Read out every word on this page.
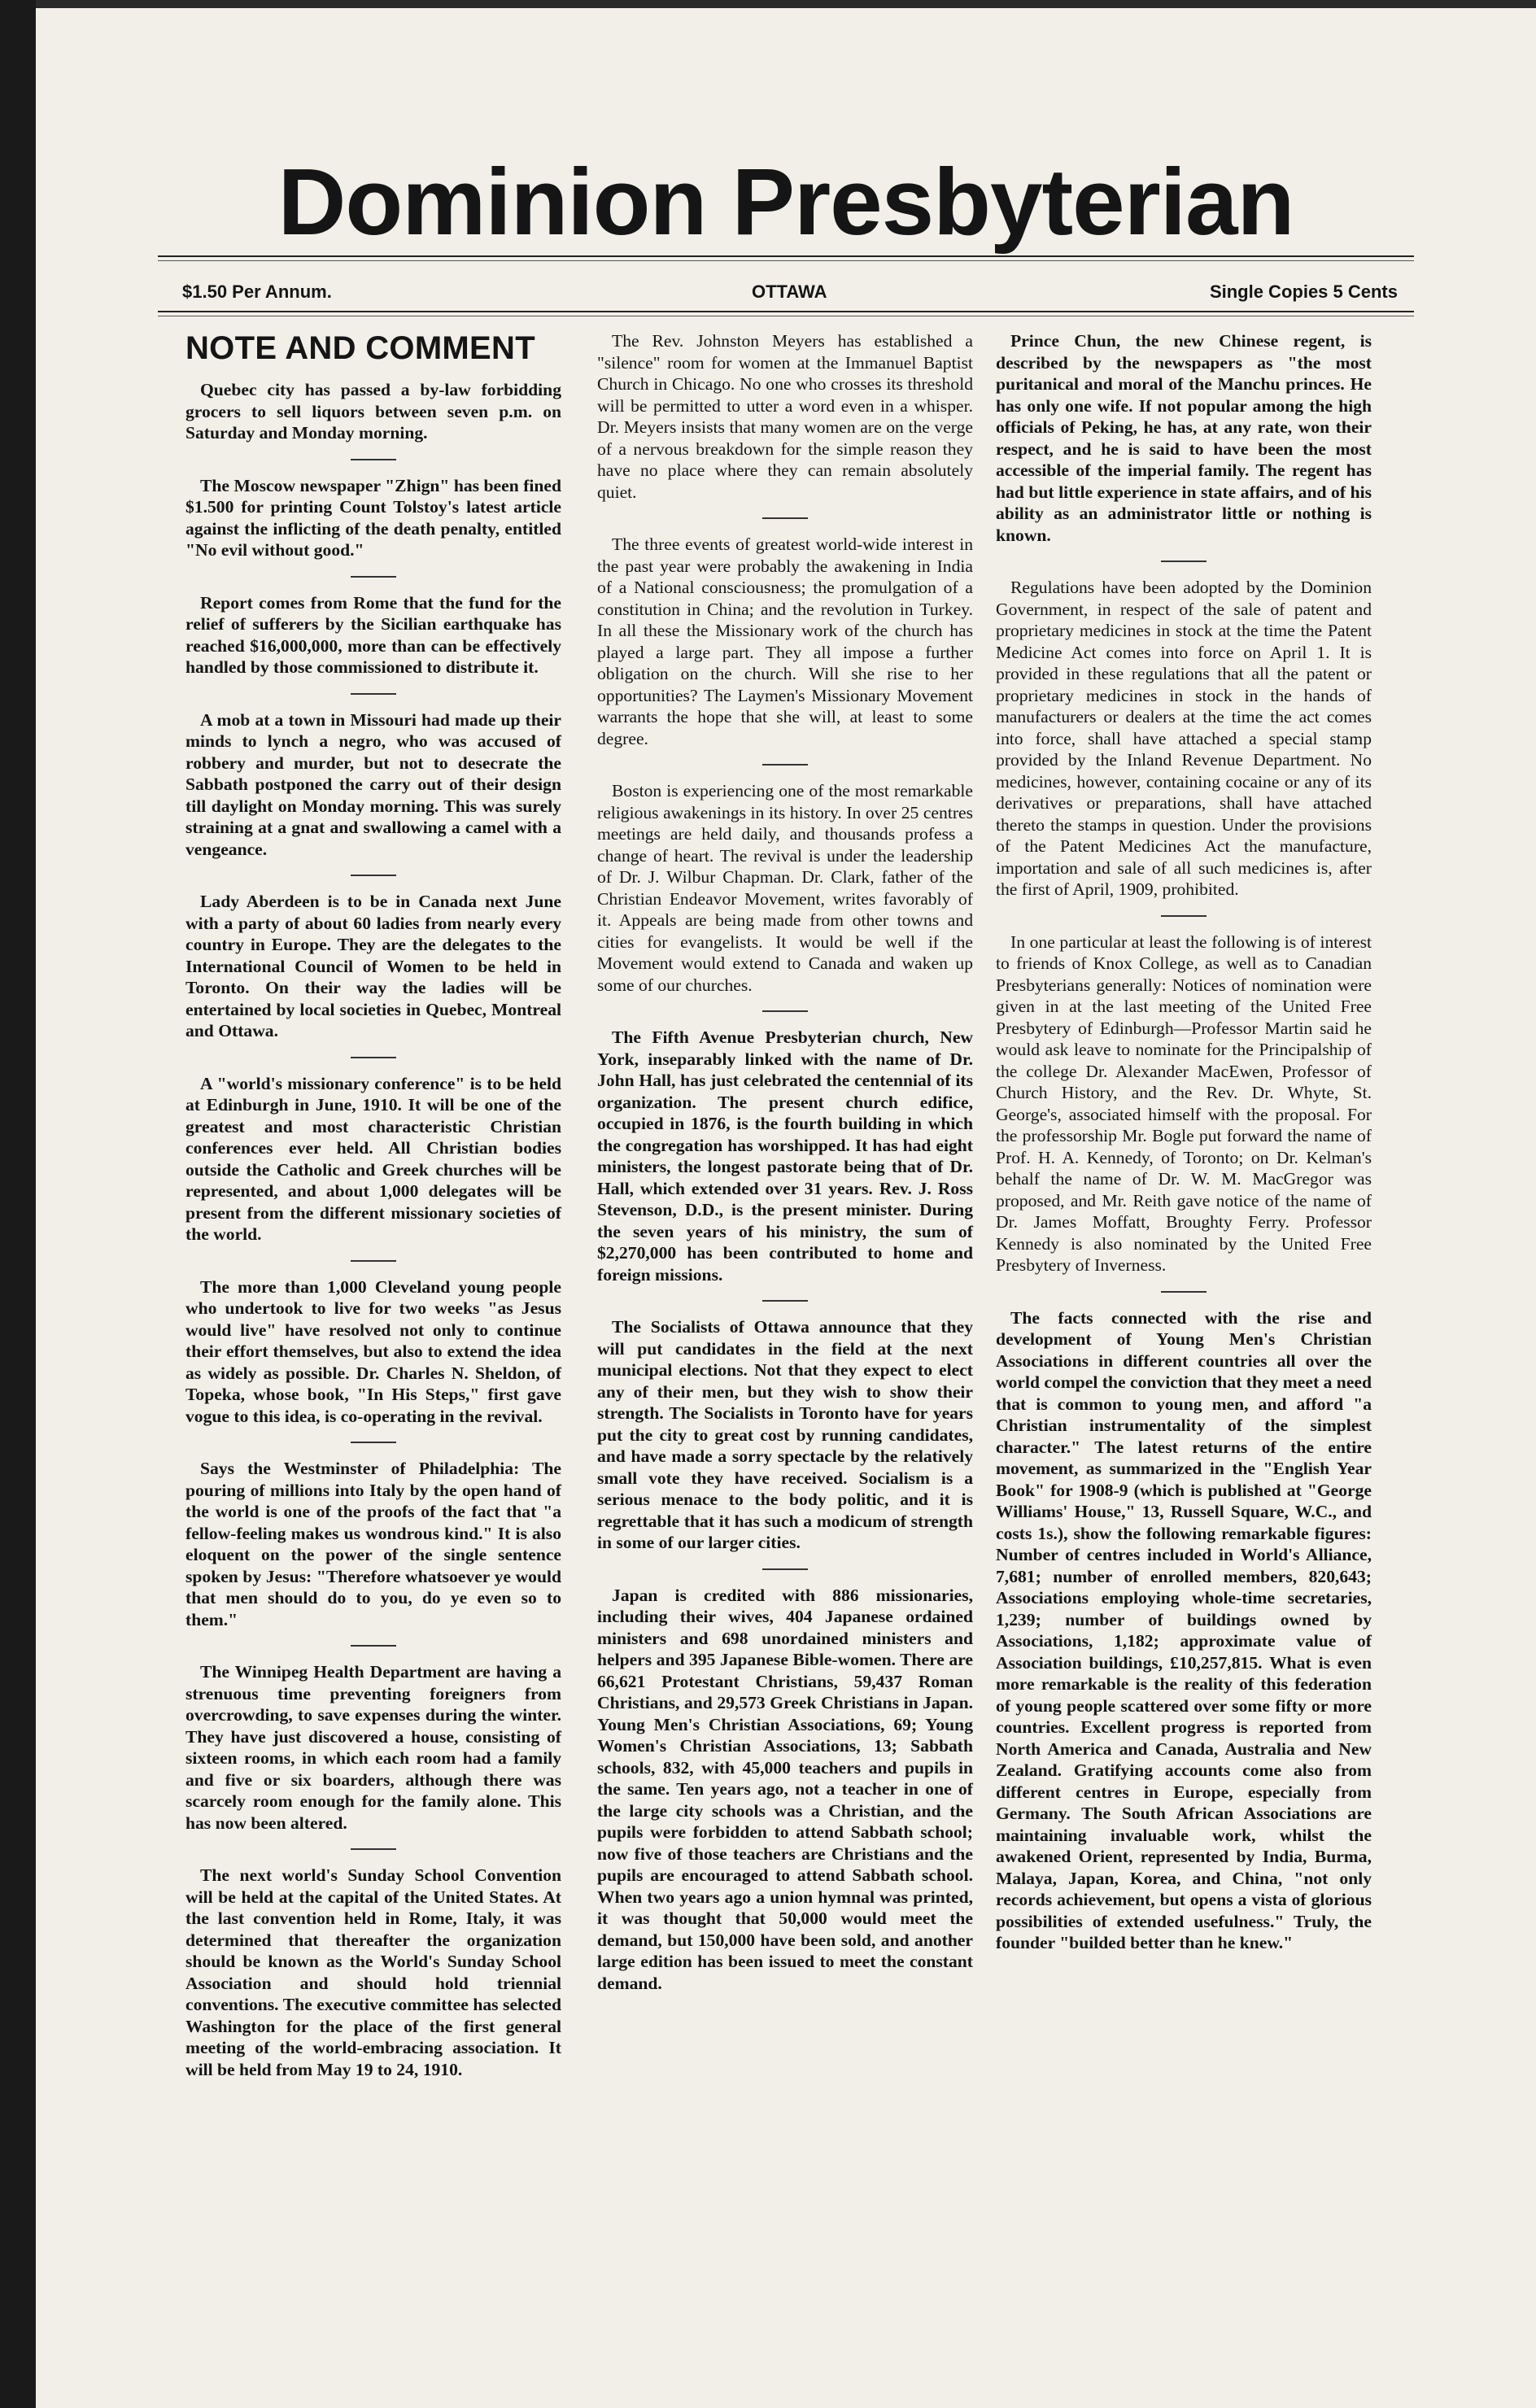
Dominion Presbyterian
$1.50 Per Annum.	OTTAWA	Single Copies 5 Cents
NOTE AND COMMENT

Quebec city has passed a by-law forbidding grocers to sell liquors between seven p.m. on Saturday and Monday morning.

The Moscow newspaper "Zhign" has been fined $1.500 for printing Count Tolstoy's latest article against the inflicting of the death penalty, entitled "No evil without good."

Report comes from Rome that the fund for the relief of sufferers by the Sicilian earthquake has reached $16,000,000, more than can be effectively handled by those commissioned to distribute it.

A mob at a town in Missouri had made up their minds to lynch a negro, who was accused of robbery and murder, but not to desecrate the Sabbath postponed the carry out of their design till daylight on Monday morning. This was surely straining at a gnat and swallowing a camel with a vengeance.

Lady Aberdeen is to be in Canada next June with a party of about 60 ladies from nearly every country in Europe. They are the delegates to the International Council of Women to be held in Toronto. On their way the ladies will be entertained by local societies in Quebec, Montreal and Ottawa.

A "world's missionary conference" is to be held at Edinburgh in June, 1910. It will be one of the greatest and most characteristic Christian conferences ever held. All Christian bodies outside the Catholic and Greek churches will be represented, and about 1,000 delegates will be present from the different missionary societies of the world.

The more than 1,000 Cleveland young people who undertook to live for two weeks "as Jesus would live" have resolved not only to continue their effort themselves, but also to extend the idea as widely as possible. Dr. Charles N. Sheldon, of Topeka, whose book, "In His Steps," first gave vogue to this idea, is co-operating in the revival.

Says the Westminster of Philadelphia: The pouring of millions into Italy by the open hand of the world is one of the proofs of the fact that "a fellow-feeling makes us wondrous kind." It is also eloquent on the power of the single sentence spoken by Jesus: "Therefore whatsoever ye would that men should do to you, do ye even so to them."

The Winnipeg Health Department are having a strenuous time preventing foreigners from overcrowding, to save expenses during the winter. They have just discovered a house, consisting of sixteen rooms, in which each room had a family and five or six boarders, although there was scarcely room enough for the family alone. This has now been altered.

The next world's Sunday School Convention will be held at the capital of the United States. At the last convention held in Rome, Italy, it was determined that thereafter the organization should be known as the World's Sunday School Association and should hold triennial conventions. The executive committee has selected Washington for the place of the first general meeting of the world-embracing association. It will be held from May 19 to 24, 1910.

The Rev. Johnston Meyers has established a "silence" room for women at the Immanuel Baptist Church in Chicago. No one who crosses its threshold will be permitted to utter a word even in a whisper. Dr. Meyers insists that many women are on the verge of a nervous breakdown for the simple reason they have no place where they can remain absolutely quiet.

The three events of greatest world-wide interest in the past year were probably the awakening in India of a National consciousness; the promulgation of a constitution in China; and the revolution in Turkey. In all these the Missionary work of the church has played a large part. They all impose a further obligation on the church. Will she rise to her opportunities? The Laymen's Missionary Movement warrants the hope that she will, at least to some degree.

Boston is experiencing one of the most remarkable religious awakenings in its history. In over 25 centres meetings are held daily, and thousands profess a change of heart. The revival is under the leadership of Dr. J. Wilbur Chapman. Dr. Clark, father of the Christian Endeavor Movement, writes favorably of it. Appeals are being made from other towns and cities for evangelists. It would be well if the Movement would extend to Canada and waken up some of our churches.

The Fifth Avenue Presbyterian church, New York, inseparably linked with the name of Dr. John Hall, has just celebrated the centennial of its organization. The present church edifice, occupied in 1876, is the fourth building in which the congregation has worshipped. It has had eight ministers, the longest pastorate being that of Dr. Hall, which extended over 31 years. Rev. J. Ross Stevenson, D.D., is the present minister. During the seven years of his ministry, the sum of $2,270,000 has been contributed to home and foreign missions.

The Socialists of Ottawa announce that they will put candidates in the field at the next municipal elections. Not that they expect to elect any of their men, but they wish to show their strength. The Socialists in Toronto have for years put the city to great cost by running candidates, and have made a sorry spectacle by the relatively small vote they have received. Socialism is a serious menace to the body politic, and it is regrettable that it has such a modicum of strength in some of our larger cities.

Japan is credited with 886 missionaries, including their wives, 404 Japanese ordained ministers and 698 unordained ministers and helpers and 395 Japanese Bible-women. There are 66,621 Protestant Christians, 59,437 Roman Christians, and 29,573 Greek Christians in Japan. Young Men's Christian Associations, 69; Young Women's Christian Associations, 13; Sabbath schools, 832, with 45,000 teachers and pupils in the same. Ten years ago, not a teacher in one of the large city schools was a Christian, and the pupils were forbidden to attend Sabbath school; now five of those teachers are Christians and the pupils are encouraged to attend Sabbath school. When two years ago a union hymnal was printed, it was thought that 50,000 would meet the demand, but 150,000 have been sold, and another large edition has been issued to meet the constant demand.

Prince Chun, the new Chinese regent, is described by the newspapers as "the most puritanical and moral of the Manchu princes. He has only one wife. If not popular among the high officials of Peking, he has, at any rate, won their respect, and he is said to have been the most accessible of the imperial family. The regent has had but little experience in state affairs, and of his ability as an administrator little or nothing is known.

Regulations have been adopted by the Dominion Government, in respect of the sale of patent and proprietary medicines in stock at the time the Patent Medicine Act comes into force on April 1. It is provided in these regulations that all the patent or proprietary medicines in stock in the hands of manufacturers or dealers at the time the act comes into force, shall have attached a special stamp provided by the Inland Revenue Department. No medicines, however, containing cocaine or any of its derivatives or preparations, shall have attached thereto the stamps in question. Under the provisions of the Patent Medicines Act the manufacture, importation and sale of all such medicines is, after the first of April, 1909, prohibited.

In one particular at least the following is of interest to friends of Knox College, as well as to Canadian Presbyterians generally: Notices of nomination were given in at the last meeting of the United Free Presbytery of Edinburgh—Professor Martin said he would ask leave to nominate for the Principalship of the college Dr. Alexander MacEwen, Professor of Church History, and the Rev. Dr. Whyte, St. George's, associated himself with the proposal. For the professorship Mr. Bogle put forward the name of Prof. H. A. Kennedy, of Toronto; on Dr. Kelman's behalf the name of Dr. W. M. MacGregor was proposed, and Mr. Reith gave notice of the name of Dr. James Moffatt, Broughty Ferry. Professor Kennedy is also nominated by the United Free Presbytery of Inverness.

The facts connected with the rise and development of Young Men's Christian Associations in different countries all over the world compel the conviction that they meet a need that is common to young men, and afford "a Christian instrumentality of the simplest character." The latest returns of the entire movement, as summarized in the "English Year Book" for 1908-9 (which is published at "George Williams' House," 13, Russell Square, W.C., and costs 1s.), show the following remarkable figures: Number of centres included in World's Alliance, 7,681; number of enrolled members, 820,643; Associations employing whole-time secretaries, 1,239; number of buildings owned by Associations, 1,182; approximate value of Association buildings, £10,257,815. What is even more remarkable is the reality of this federation of young people scattered over some fifty or more countries. Excellent progress is reported from North America and Canada, Australia and New Zealand. Gratifying accounts come also from different centres in Europe, especially from Germany. The South African Associations are maintaining invaluable work, whilst the awakened Orient, represented by India, Burma, Malaya, Japan, Korea, and China, "not only records achievement, but opens a vista of glorious possibilities of extended usefulness." Truly, the founder "builded better than he knew."
